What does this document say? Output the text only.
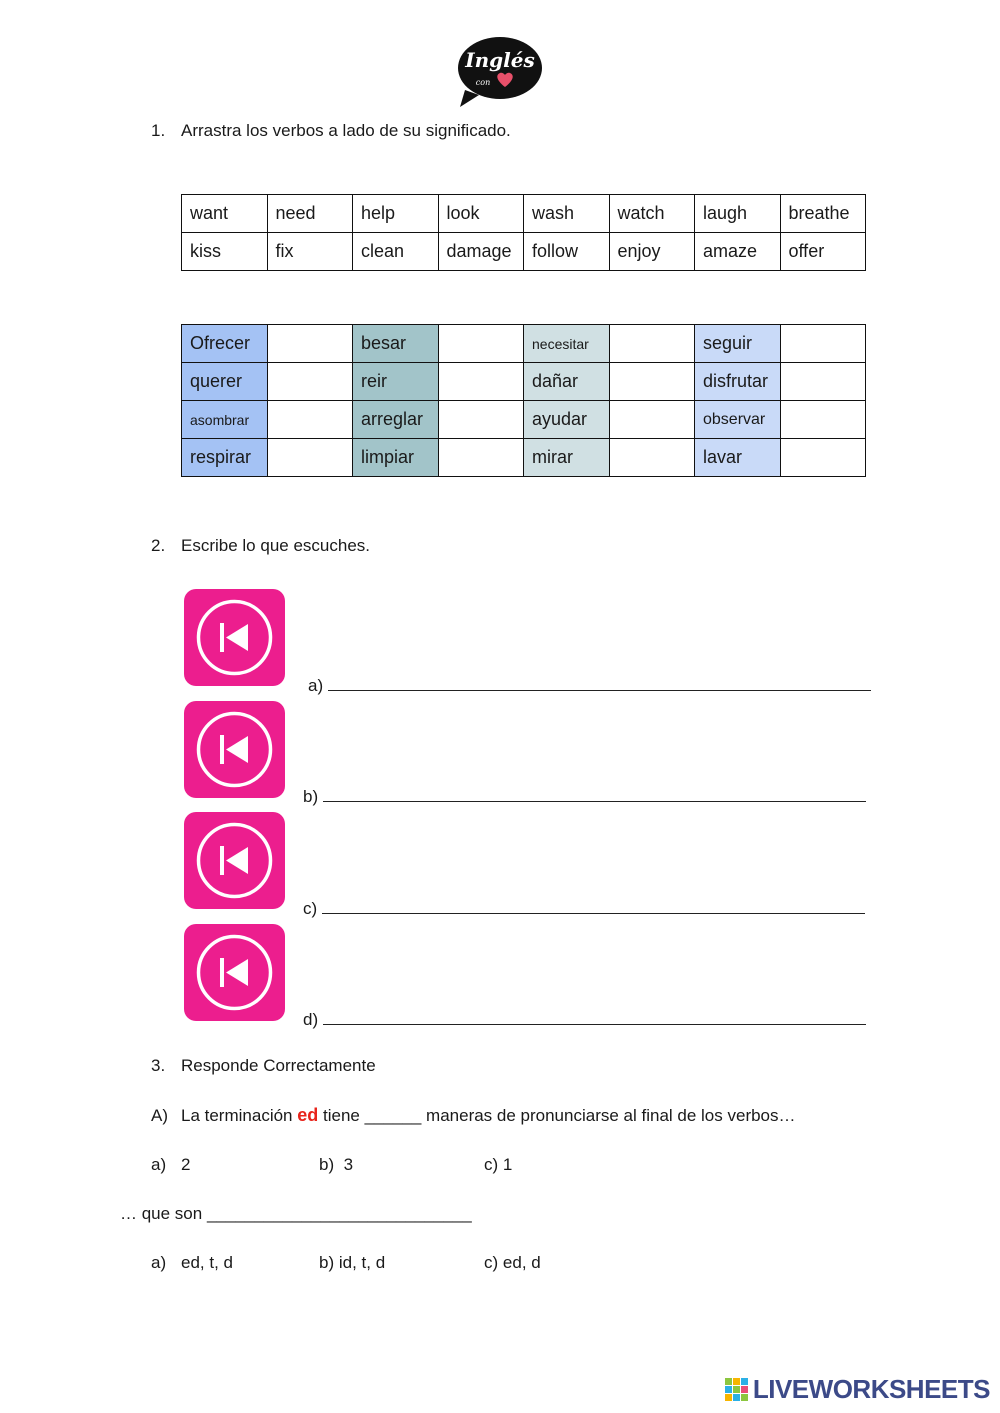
Inglés
con
1. Arrastra los verbos a lado de su significado.
want	need	help	look	wash	watch	laugh	breathe
kiss	fix	clean	damage	follow	enjoy	amaze	offer
Ofrecer		besar		necesitar		seguir	
querer		reir		dañar		disfrutar	
asombrar		arreglar		ayudar		observar	
respirar		limpiar		mirar		lavar	
2. Escribe lo que escuches.
a)
b)
c)
d)
3. Responde Correctamente
A) La terminación ed tiene ______ maneras de pronunciarse al final de los verbos…
a) 2	b) 3	c) 1
… que son ____________________________
a) ed, t, d	b) id, t, d	c) ed, d
LIVEWORKSHEETS
